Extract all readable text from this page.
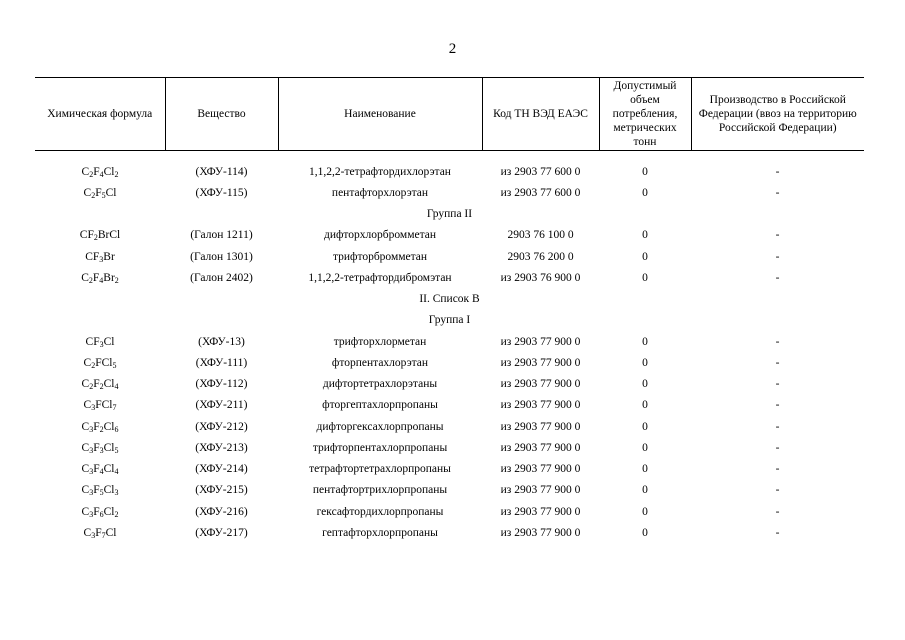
2
Химическая формула	Вещество	Наименование	Код ТН ВЭД ЕАЭС	Допустимый объем потребления, метрических тонн	Производство в Российской Федерации (ввоз на территорию Российской Федерации)

$C_2F_4Cl_2$	(ХФУ-114)	1,1,2,2-тетрафтордихлорэтан	из 2903 77 600 0	0	-
$C_2F_5Cl$	(ХФУ-115)	пентафторхлорэтан	из 2903 77 600 0	0	-
Группа II					
$CF_2BrCl$	(Галон 1211)	дифторхлорбромметан	2903 76 100 0	0	-
$CF_3Br$	(Галон 1301)	трифторбромметан	2903 76 200 0	0	-
$C_2F_4Br_2$	(Галон 2402)	1,1,2,2-тетрафтордибромэтан	из 2903 76 900 0	0	-
II. Список В					
Группа I					
$CF_3Cl$	(ХФУ-13)	трифторхлорметан	из 2903 77 900 0	0	-
$C_2FCl_5$	(ХФУ-111)	фторпентахлорэтан	из 2903 77 900 0	0	-
$C_2F_2Cl_4$	(ХФУ-112)	дифтортетрахлорэтаны	из 2903 77 900 0	0	-
$C_3FCl_7$	(ХФУ-211)	фторгептахлорпропаны	из 2903 77 900 0	0	-
$C_3F_2Cl_6$	(ХФУ-212)	дифторгексахлорпропаны	из 2903 77 900 0	0	-
$C_3F_3Cl_5$	(ХФУ-213)	трифторпентахлорпропаны	из 2903 77 900 0	0	-
$C_3F_4Cl_4$	(ХФУ-214)	тетрафтортетрахлорпропаны	из 2903 77 900 0	0	-
$C_3F_5Cl_3$	(ХФУ-215)	пентафтортрихлорпропаны	из 2903 77 900 0	0	-
$C_3F_6Cl_2$	(ХФУ-216)	гексафтордихлорпропаны	из 2903 77 900 0	0	-
$C_3F_7Cl$	(ХФУ-217)	гептафторхлорпропаны	из 2903 77 900 0	0	-
